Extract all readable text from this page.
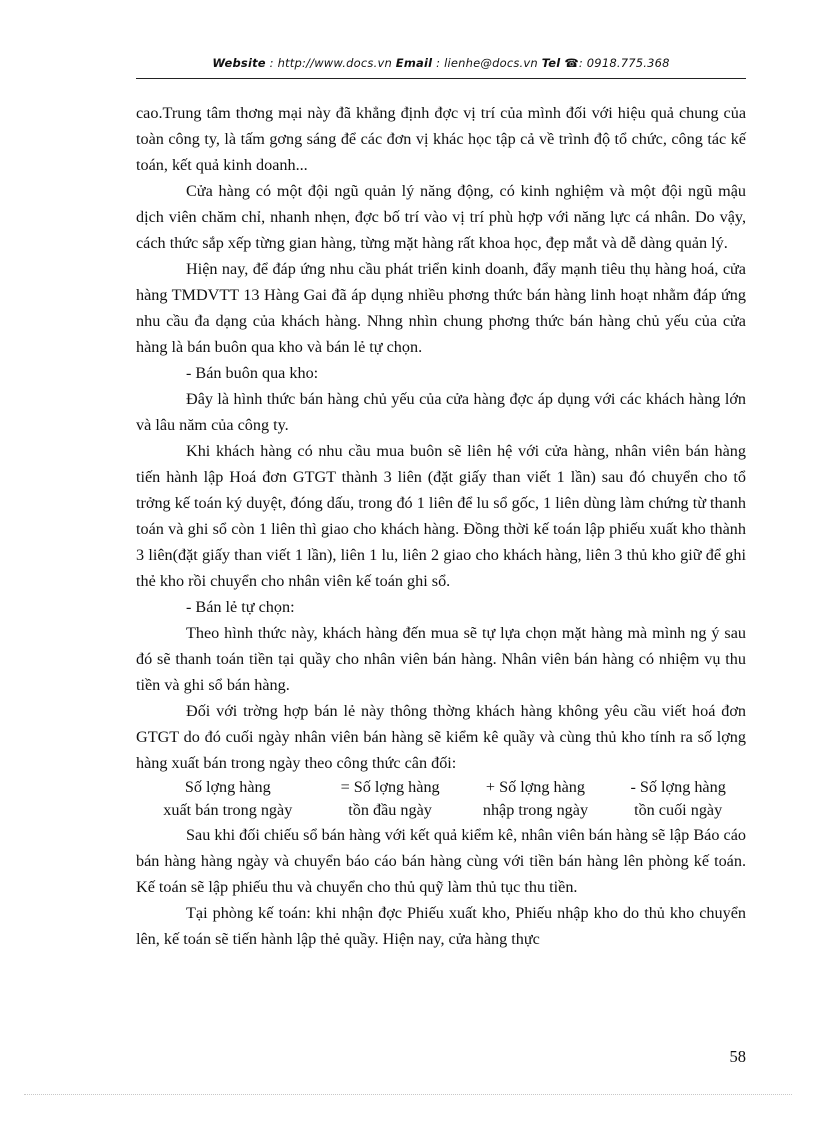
Website : http://www.docs.vn Email : lienhe@docs.vn Tel ☎: 0918.775.368

cao.Trung tâm thơng mại này đã khẳng định đợc vị trí của mình đối với hiệu quả chung của toàn công ty, là tấm gơng sáng để các đơn vị khác học tập cả về trình độ tổ chức, công tác kế toán, kết quả kinh doanh...

Cửa hàng có một đội ngũ quản lý năng động, có kinh nghiệm và một đội ngũ mậu dịch viên chăm chỉ, nhanh nhẹn, đợc bố trí vào vị trí phù hợp với năng lực cá nhân. Do vậy, cách thức sắp xếp từng gian hàng, từng mặt hàng rất khoa học, đẹp mắt và dễ dàng quản lý.

Hiện nay, để đáp ứng nhu cầu phát triển kinh doanh, đẩy mạnh tiêu thụ hàng hoá, cửa hàng TMDVTT 13 Hàng Gai đã áp dụng nhiều phơng thức bán hàng linh hoạt nhằm đáp ứng nhu cầu đa dạng của khách hàng. Nhng nhìn chung phơng thức bán hàng chủ yếu của cửa hàng là bán buôn qua kho và bán lẻ tự chọn.

- Bán buôn qua kho:

Đây là hình thức bán hàng chủ yếu của cửa hàng đợc áp dụng với các khách hàng lớn và lâu năm của công ty.

Khi khách hàng có nhu cầu mua buôn sẽ liên hệ với cửa hàng, nhân viên bán hàng tiến hành lập Hoá đơn GTGT thành 3 liên (đặt giấy than viết 1 lần) sau đó chuyển cho tổ trởng kế toán ký duyệt, đóng dấu, trong đó 1 liên để lu sổ gốc, 1 liên dùng làm chứng từ thanh toán và ghi sổ còn 1 liên thì giao cho khách hàng. Đồng thời kế toán lập phiếu xuất kho thành 3 liên(đặt giấy than viết 1 lần), liên 1 lu, liên 2 giao cho khách hàng, liên 3 thủ kho giữ để ghi thẻ kho rồi chuyển cho nhân viên kế toán ghi sổ.

- Bán lẻ tự chọn:

Theo hình thức này, khách hàng đến mua sẽ tự lựa chọn mặt hàng mà mình ng ý sau đó sẽ thanh toán tiền tại quầy cho nhân viên bán hàng. Nhân viên bán hàng có nhiệm vụ thu tiền và ghi sổ bán hàng.

Đối với trờng hợp bán lẻ này thông thờng khách hàng không yêu cầu viết hoá đơn GTGT do đó cuối ngày nhân viên bán hàng sẽ kiểm kê quầy và cùng thủ kho tính ra số lợng hàng xuất bán trong ngày theo công thức cân đối:

Số lợng hàng	= Số lợng hàng	+ Số lợng hàng	- Số lợng hàng
xuất bán trong ngày	tồn đầu ngày	nhập trong ngày	tồn cuối ngày

Sau khi đối chiếu sổ bán hàng với kết quả kiểm kê, nhân viên bán hàng sẽ lập Báo cáo bán hàng hàng ngày và chuyển báo cáo bán hàng cùng với tiền bán hàng lên phòng kế toán. Kế toán sẽ lập phiếu thu và chuyển cho thủ quỹ làm thủ tục thu tiền.

Tại phòng kế toán: khi nhận đợc Phiếu xuất kho, Phiếu nhập kho do thủ kho chuyển lên, kế toán sẽ tiến hành lập thẻ quầy. Hiện nay, cửa hàng thực

58
